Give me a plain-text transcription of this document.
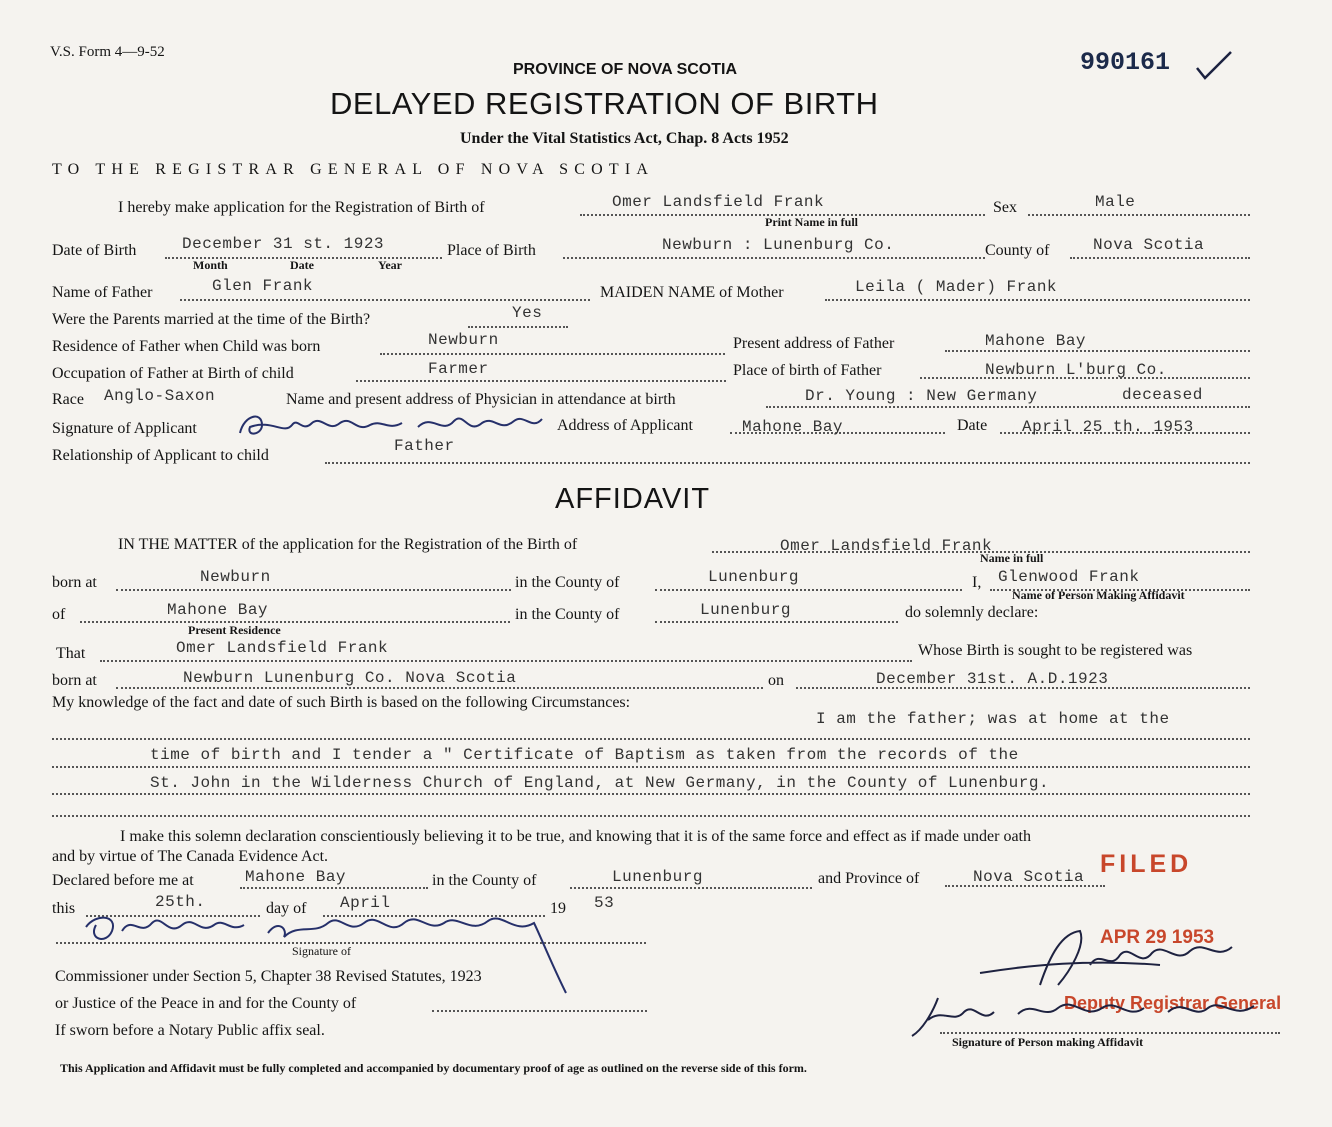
V.S. Form 4—9-52
PROVINCE OF NOVA SCOTIA
DELAYED REGISTRATION OF BIRTH
Under the Vital Statistics Act, Chap. 8 Acts 1952
990161
TO THE REGISTRAR GENERAL OF NOVA SCOTIA
I hereby make application for the Registration of Birth of	Omer Landsfield Frank
Print Name in full
Sex	Male
Date of Birth	December 31 st. 1923
Month	Date	Year
Place of Birth	Newburn : Lunenburg Co.	County of	Nova Scotia
Name of Father	Glen Frank	MAIDEN NAME of Mother	Leila ( Mader) Frank
Were the Parents married at the time of the Birth?	Yes
Residence of Father when Child was born	Newburn	Present address of Father	Mahone Bay
Occupation of Father at Birth of child	Farmer	Place of birth of Father	Newburn L'burg Co.
Race Anglo-Saxon	Name and present address of Physician in attendance at birth	Dr. Young : New Germany	deceased
Signature of Applicant	Address of Applicant	Mahone Bay	Date April 25 th. 1953
Relationship of Applicant to child
Father
AFFIDAVIT
IN THE MATTER of the application for the Registration of the Birth of	Omer Landsfield Frank
Name in full
born at	Newburn	in the County of	Lunenburg	I, Glenwood Frank
Name of Person Making Affidavit
of	Mahone Bay
Present Residence
in the County of	Lunenburg	do solemnly declare:
That	Omer Landsfield Frank	Whose Birth is sought to be registered was
born at	Newburn Lunenburg Co. Nova Scotia	on	December 31st. A.D.1923
My knowledge of the fact and date of such Birth is based on the following Circumstances:
I am the father; was at home at the
time of birth and I tender a " Certificate of Baptism as taken from the records of the
St. John in the Wilderness Church of England, at New Germany, in the County of Lunenburg.
I make this solemn declaration conscientiously believing it to be true, and knowing that it is of the same force and effect as if made under oath
and by virtue of The Canada Evidence Act.
Declared before me at	Mahone Bay	in the County of	Lunenburg	and Province of	Nova Scotia FILED
this	25th.	day of April	19 53
Signature of
Commissioner under Section 5, Chapter 38 Revised Statutes, 1923
or Justice of the Peace in and for the County of
If sworn before a Notary Public affix seal.
APR 29 1953
Deputy Registrar General
Signature of Person making Affidavit
This Application and Affidavit must be fully completed and accompanied by documentary proof of age as outlined on the reverse side of this form.
